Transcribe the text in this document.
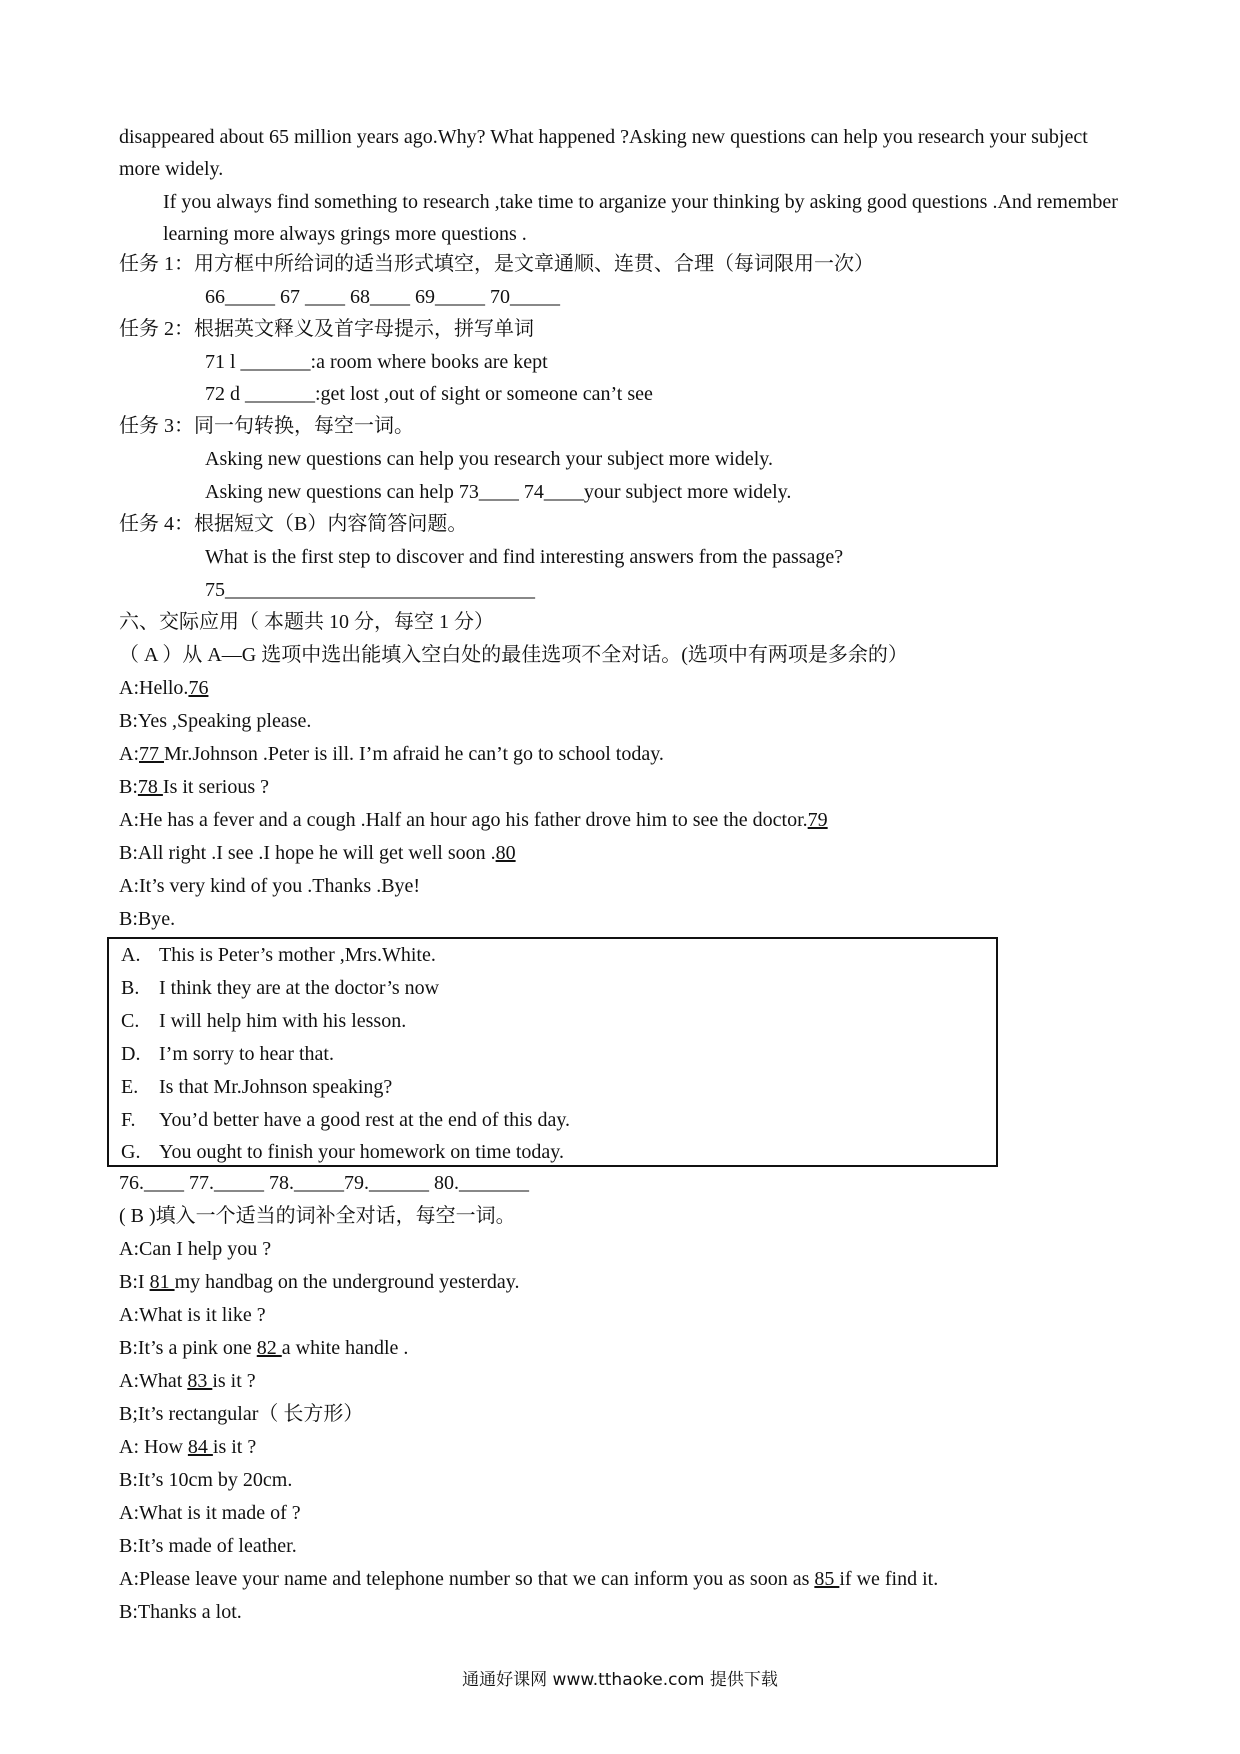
disappeared about 65 million years ago.Why? What happened ?Asking new questions can help you research your subject more widely.
If you always find something to research ,take time to arganize your thinking by asking good questions .And remember learning more always grings more questions .
任务 1：用方框中所给词的适当形式填空，是文章通顺、连贯、合理（每词限用一次）
66_____ 67 ____ 68____ 69_____ 70_____
任务 2：根据英文释义及首字母提示，拼写单词
71 l _______:a room where books are kept
72 d _______:get lost ,out of sight or someone can’t see
任务 3：同一句转换，每空一词。
Asking new questions can help you research your subject more widely.
Asking new questions can help 73____ 74____your subject more widely.
任务 4：根据短文（B）内容简答问题。
What is the first step to discover and find interesting answers from the passage?
75_______________________________
六、交际应用（ 本题共 10 分，每空 1 分）
（ A ）从 A—G 选项中选出能填入空白处的最佳选项不全对话。(选项中有两项是多余的）
A:Hello.76
B:Yes ,Speaking please.
A:77 Mr.Johnson .Peter is ill. I’m afraid he can’t go to school today.
B:78 Is it serious ?
A:He has a fever and a cough .Half an hour ago his father drove him to see the doctor.79
B:All right .I see .I hope he will get well soon .80
A:It’s very kind of you .Thanks .Bye!
B:Bye.
A. This is Peter’s mother ,Mrs.White.
B. I think they are at the doctor’s now
C. I will help him with his lesson.
D. I’m sorry to hear that.
E. Is that Mr.Johnson speaking?
F. You’d better have a good rest at the end of this day.
G. You ought to finish your homework on time today.
76.____ 77._____ 78._____79.______ 80._______
( B )填入一个适当的词补全对话，每空一词。
A:Can I help you ?
B:I 81 my handbag on the underground yesterday.
A:What is it like ?
B:It’s a pink one 82 a white handle .
A:What 83 is it ?
B;It’s rectangular（ 长方形）
A: How 84 is it ?
B:It’s 10cm by 20cm.
A:What is it made of ?
B:It’s made of leather.
A:Please leave your name and telephone number so that we can inform you as soon as 85 if we find it.
B:Thanks a lot.
通通好课网 www.tthaoke.com 提供下载
